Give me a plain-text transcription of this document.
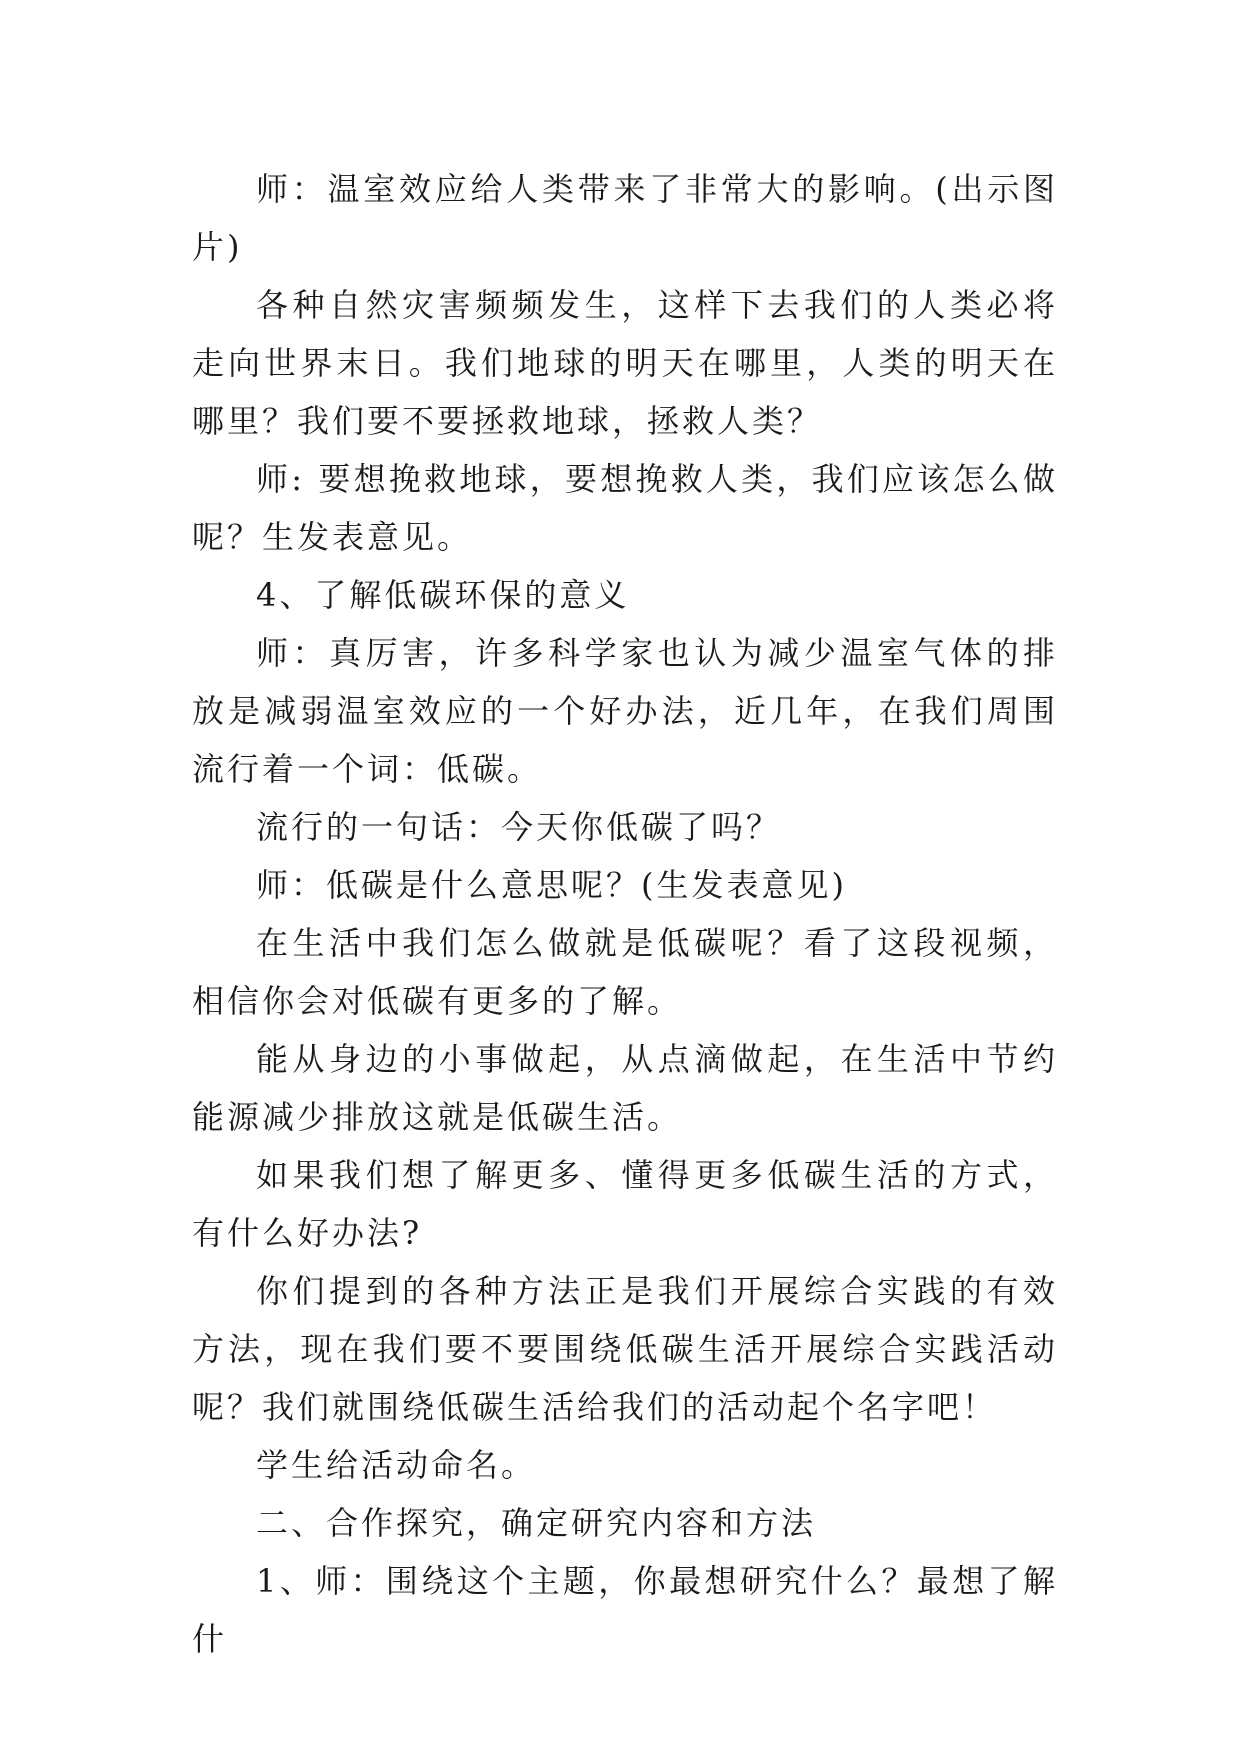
师：温室效应给人类带来了非常大的影响。(出示图片)

各种自然灾害频频发生，这样下去我们的人类必将走向世界末日。我们地球的明天在哪里，人类的明天在哪里？我们要不要拯救地球，拯救人类？

师: 要想挽救地球，要想挽救人类，我们应该怎么做呢？生发表意见。

4、了解低碳环保的意义

师：真厉害，许多科学家也认为减少温室气体的排放是减弱温室效应的一个好办法，近几年，在我们周围流行着一个词：低碳。

流行的一句话：今天你低碳了吗？

师：低碳是什么意思呢？(生发表意见)

在生活中我们怎么做就是低碳呢？看了这段视频，相信你会对低碳有更多的了解。

能从身边的小事做起，从点滴做起，在生活中节约能源减少排放这就是低碳生活。

如果我们想了解更多、懂得更多低碳生活的方式，有什么好办法?

你们提到的各种方法正是我们开展综合实践的有效方法，现在我们要不要围绕低碳生活开展综合实践活动呢？我们就围绕低碳生活给我们的活动起个名字吧！

学生给活动命名。

二、合作探究，确定研究内容和方法

1、师：围绕这个主题，你最想研究什么？最想了解什
